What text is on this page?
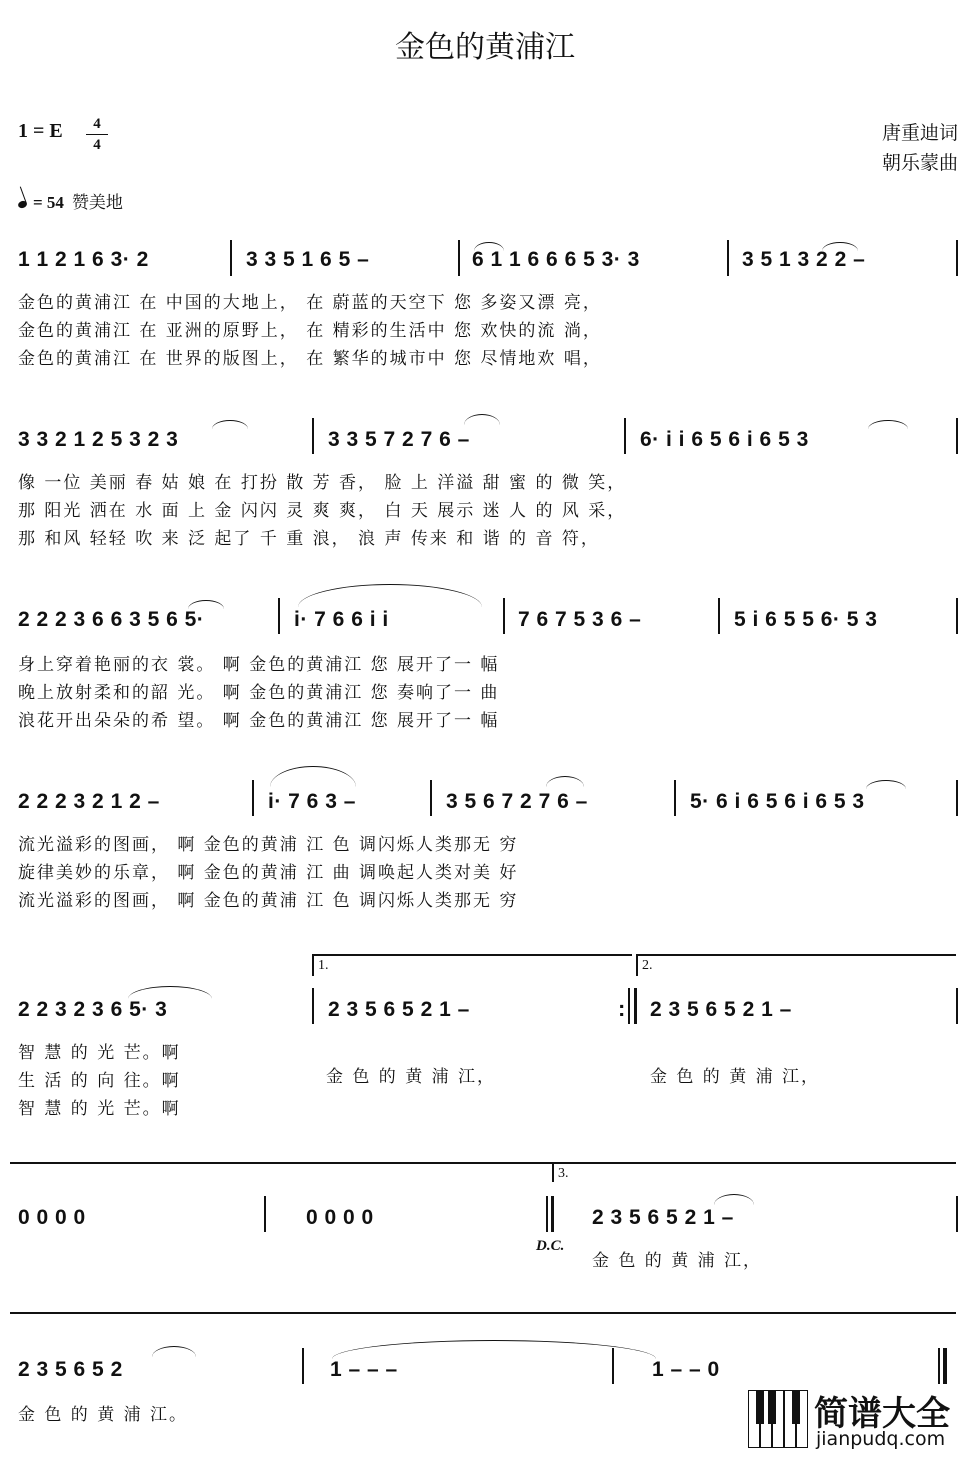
金色的黄浦江
1 = E	4
4
唐重迪词
朝乐蒙曲
= 54 赞美地
1 1 2 1 6 3· 2	3 3 5 1 6 5 –	6 1 1 6 6 6 5 3· 3	3 5 1 3 2 2 –
金色的黄浦江 在 中国的大地上， 在 蔚蓝的天空下 您 多姿又漂 亮，
金色的黄浦江 在 亚洲的原野上， 在 精彩的生活中 您 欢快的流 淌，
金色的黄浦江 在 世界的版图上， 在 繁华的城市中 您 尽情地欢 唱，
3 3 2 1 2 5 3 2 3	3 3 5 7 2 7 6 –	6· i i 6 5 6 i 6 5 3
像 一位 美丽 春 姑 娘 在 打扮 散 芳 香， 脸 上 洋溢 甜 蜜 的 微 笑，
那 阳光 洒在 水 面 上 金 闪闪 灵 爽 爽， 白 天 展示 迷 人 的 风 采，
那 和风 轻轻 吹 来 泛 起了 千 重 浪， 浪 声 传来 和 谐 的 音 符，
2 2 2 3 6 6 3 5 6 5·	i· 7 6 6 i i	7 6 7 5 3 6 –	5 i 6 5 5 6· 5 3
身上穿着艳丽的衣 裳。 啊 金色的黄浦江 您 展开了一 幅
晚上放射柔和的韶 光。 啊 金色的黄浦江 您 奏响了一 曲
浪花开出朵朵的希 望。 啊 金色的黄浦江 您 展开了一 幅
2 2 2 3 2 1 2 –	i· 7 6 3 –	3 5 6 7 2 7 6 –	5· 6 i 6 5 6 i 6 5 3
流光溢彩的图画， 啊 金色的黄浦 江 色 调闪烁人类那无 穷
旋律美妙的乐章， 啊 金色的黄浦 江 曲 调唤起人类对美 好
流光溢彩的图画， 啊 金色的黄浦 江 色 调闪烁人类那无 穷
1.	2.
2 2 3 2 3 6 5· 3	2 3 5 6 5 2 1 –	: 2 3 5 6 5 2 1 –
智 慧 的 光 芒。啊
生 活 的 向 往。啊
智 慧 的 光 芒。啊
金 色 的 黄 浦 江，	金 色 的 黄 浦 江，
3.
0 0 0 0	0 0 0 0
D.C.
2 3 5 6 5 2 1 –
金 色 的 黄 浦 江，
2 3 5 6 5 2	1 – – –	1 – – 0
金 色 的 黄 浦 江。	简谱大全
jianpudq.com
